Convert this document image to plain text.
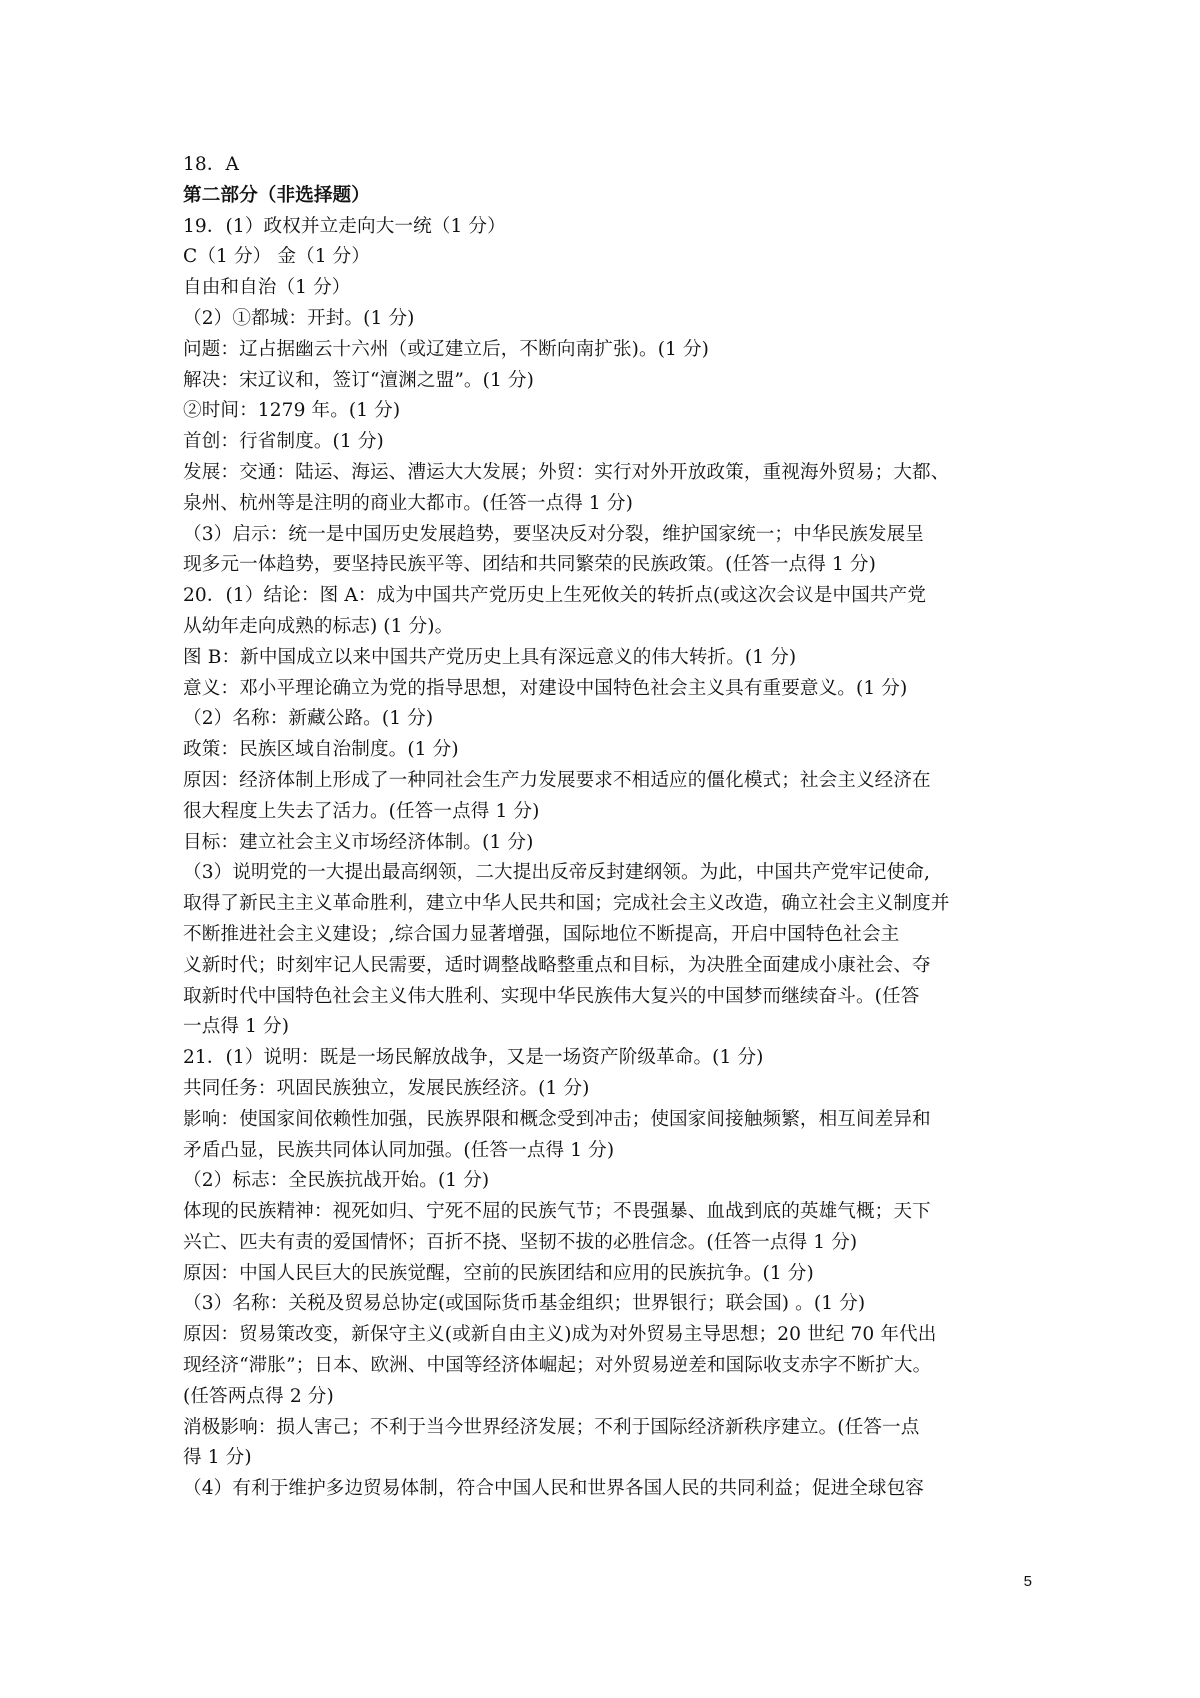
18．A
第二部分（非选择题）
19．(1）政权并立走向大一统（1 分）
C（1 分） 金（1 分）
自由和自治（1 分）
（2）①都城：开封。(1 分)
问题：辽占据幽云十六州（或辽建立后，不断向南扩张)。(1 分)
解决：宋辽议和，签订“澶渊之盟”。(1 分)
②时间：1279 年。(1 分)
首创：行省制度。(1 分)
发展：交通：陆运、海运、漕运大大发展；外贸：实行对外开放政策，重视海外贸易；大都、
泉州、杭州等是注明的商业大都市。(任答一点得 1 分)
（3）启示：统一是中国历史发展趋势，要坚决反对分裂，维护国家统一；中华民族发展呈
现多元一体趋势，要坚持民族平等、团结和共同繁荣的民族政策。(任答一点得 1 分)
20．(1）结论：图 A：成为中国共产党历史上生死攸关的转折点(或这次会议是中国共产党
从幼年走向成熟的标志) (1 分)。
图 B：新中国成立以来中国共产党历史上具有深远意义的伟大转折。(1 分)
意义：邓小平理论确立为党的指导思想，对建设中国特色社会主义具有重要意义。(1 分)
（2）名称：新藏公路。(1 分)
政策：民族区域自治制度。(1 分)
原因：经济体制上形成了一种同社会生产力发展要求不相适应的僵化模式；社会主义经济在
很大程度上失去了活力。(任答一点得 1 分)
目标：建立社会主义市场经济体制。(1 分)
（3）说明党的一大提出最高纲领，二大提出反帝反封建纲领。为此，中国共产党牢记使命,
取得了新民主主义革命胜利，建立中华人民共和国；完成社会主义改造，确立社会主义制度并
不断推进社会主义建设；,综合国力显著增强，国际地位不断提高，开启中国特色社会主
义新时代；时刻牢记人民需要，适时调整战略整重点和目标，为决胜全面建成小康社会、夺
取新时代中国特色社会主义伟大胜利、实现中华民族伟大复兴的中国梦而继续奋斗。(任答
一点得 1 分)
21．(1）说明：既是一场民解放战争，又是一场资产阶级革命。(1 分)
共同任务：巩固民族独立，发展民族经济。(1 分)
影响：使国家间依赖性加强，民族界限和概念受到冲击；使国家间接触频繁，相互间差异和
矛盾凸显，民族共同体认同加强。(任答一点得 1 分)
（2）标志：全民族抗战开始。(1 分)
体现的民族精神：视死如归、宁死不屈的民族气节；不畏强暴、血战到底的英雄气概；天下
兴亡、匹夫有责的爱国情怀；百折不挠、坚韧不拔的必胜信念。(任答一点得 1 分)
原因：中国人民巨大的民族觉醒，空前的民族团结和应用的民族抗争。(1 分)
（3）名称：关税及贸易总协定(或国际货币基金组织；世界银行；联会国) 。(1 分)
原因：贸易策改变，新保守主义(或新自由主义)成为对外贸易主导思想；20 世纪 70 年代出
现经济“滞胀”；日本、欧洲、中国等经济体崛起；对外贸易逆差和国际收支赤字不断扩大。
(任答两点得 2 分)
消极影响：损人害己；不利于当今世界经济发展；不利于国际经济新秩序建立。(任答一点
得 1 分)
（4）有利于维护多边贸易体制，符合中国人民和世界各国人民的共同利益；促进全球包容
5
